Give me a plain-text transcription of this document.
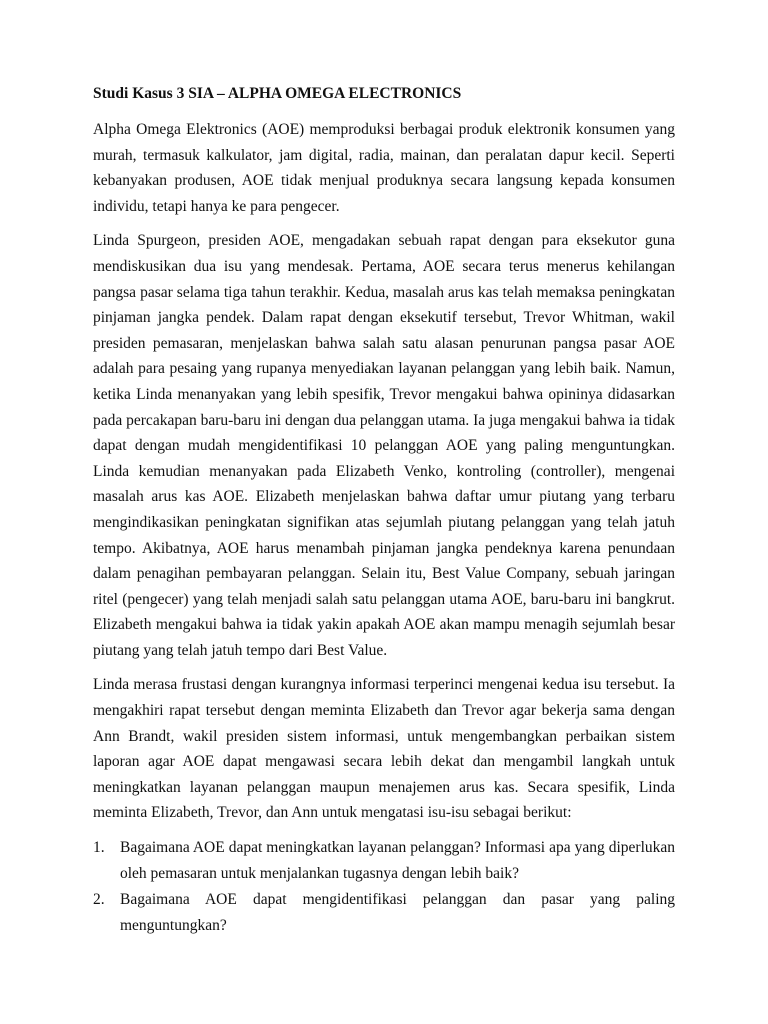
Studi Kasus 3 SIA – ALPHA OMEGA ELECTRONICS

Alpha Omega Elektronics (AOE) memproduksi berbagai produk elektronik konsumen yang murah, termasuk kalkulator, jam digital, radia, mainan, dan peralatan dapur kecil. Seperti kebanyakan produsen, AOE tidak menjual produknya secara langsung kepada konsumen individu, tetapi hanya ke para pengecer.

Linda Spurgeon, presiden AOE, mengadakan sebuah rapat dengan para eksekutor guna mendiskusikan dua isu yang mendesak. Pertama, AOE secara terus menerus kehilangan pangsa pasar selama tiga tahun terakhir. Kedua, masalah arus kas telah memaksa peningkatan pinjaman jangka pendek. Dalam rapat dengan eksekutif tersebut, Trevor Whitman, wakil presiden pemasaran, menjelaskan bahwa salah satu alasan penurunan pangsa pasar AOE adalah para pesaing yang rupanya menyediakan layanan pelanggan yang lebih baik. Namun, ketika Linda menanyakan yang lebih spesifik, Trevor mengakui bahwa opininya didasarkan pada percakapan baru-baru ini dengan dua pelanggan utama. Ia juga mengakui bahwa ia tidak dapat dengan mudah mengidentifikasi 10 pelanggan AOE yang paling menguntungkan. Linda kemudian menanyakan pada Elizabeth Venko, kontroling (controller), mengenai masalah arus kas AOE. Elizabeth menjelaskan bahwa daftar umur piutang yang terbaru mengindikasikan peningkatan signifikan atas sejumlah piutang pelanggan yang telah jatuh tempo. Akibatnya, AOE harus menambah pinjaman jangka pendeknya karena penundaan dalam penagihan pembayaran pelanggan. Selain itu, Best Value Company, sebuah jaringan ritel (pengecer) yang telah menjadi salah satu pelanggan utama AOE, baru-baru ini bangkrut. Elizabeth mengakui bahwa ia tidak yakin apakah AOE akan mampu menagih sejumlah besar piutang yang telah jatuh tempo dari Best Value.

Linda merasa frustasi dengan kurangnya informasi terperinci mengenai kedua isu tersebut. Ia mengakhiri rapat tersebut dengan meminta Elizabeth dan Trevor agar bekerja sama dengan Ann Brandt, wakil presiden sistem informasi, untuk mengembangkan perbaikan sistem laporan agar AOE dapat mengawasi secara lebih dekat dan mengambil langkah untuk meningkatkan layanan pelanggan maupun menajemen arus kas. Secara spesifik, Linda meminta Elizabeth, Trevor, dan Ann untuk mengatasi isu-isu sebagai berikut:

1. Bagaimana AOE dapat meningkatkan layanan pelanggan? Informasi apa yang diperlukan oleh pemasaran untuk menjalankan tugasnya dengan lebih baik?
2. Bagaimana AOE dapat mengidentifikasi pelanggan dan pasar yang paling menguntungkan?
